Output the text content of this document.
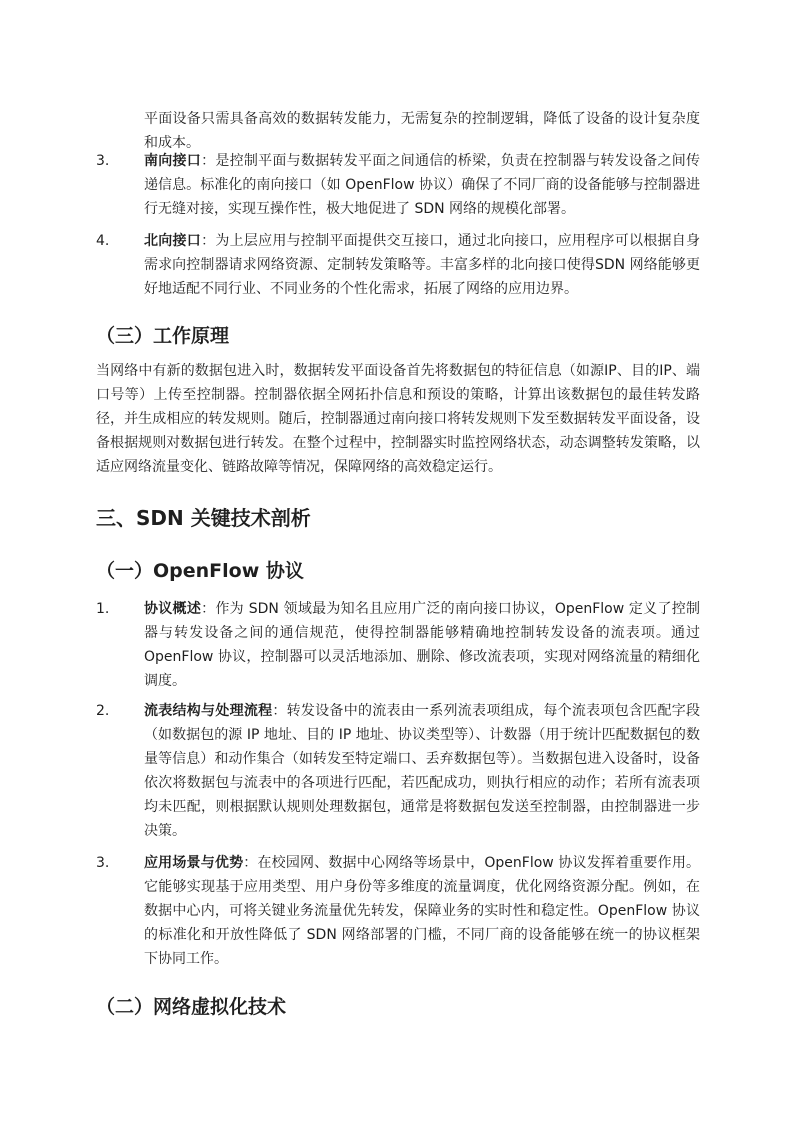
平面设备只需具备高效的数据转发能力，无需复杂的控制逻辑，降低了设备的设计复杂度和成本。

3. 南向接口：是控制平面与数据转发平面之间通信的桥梁，负责在控制器与转发设备之间传递信息。标准化的南向接口（如 OpenFlow 协议）确保了不同厂商的设备能够与控制器进行无缝对接，实现互操作性，极大地促进了 SDN 网络的规模化部署。
4. 北向接口：为上层应用与控制平面提供交互接口，通过北向接口，应用程序可以根据自身需求向控制器请求网络资源、定制转发策略等。丰富多样的北向接口使得SDN 网络能够更好地适配不同行业、不同业务的个性化需求，拓展了网络的应用边界。
（三）工作原理

当网络中有新的数据包进入时，数据转发平面设备首先将数据包的特征信息（如源IP、目的IP、端口号等）上传至控制器。控制器依据全网拓扑信息和预设的策略，计算出该数据包的最佳转发路径，并生成相应的转发规则。随后，控制器通过南向接口将转发规则下发至数据转发平面设备，设备根据规则对数据包进行转发。在整个过程中，控制器实时监控网络状态，动态调整转发策略，以适应网络流量变化、链路故障等情况，保障网络的高效稳定运行。

三、SDN 关键技术剖析
（一）OpenFlow 协议
1. 协议概述：作为 SDN 领域最为知名且应用广泛的南向接口协议，OpenFlow 定义了控制器与转发设备之间的通信规范，使得控制器能够精确地控制转发设备的流表项。通过 OpenFlow 协议，控制器可以灵活地添加、删除、修改流表项，实现对网络流量的精细化调度。
2. 流表结构与处理流程：转发设备中的流表由一系列流表项组成，每个流表项包含匹配字段（如数据包的源 IP 地址、目的 IP 地址、协议类型等）、计数器（用于统计匹配数据包的数量等信息）和动作集合（如转发至特定端口、丢弃数据包等）。当数据包进入设备时，设备依次将数据包与流表中的各项进行匹配，若匹配成功，则执行相应的动作；若所有流表项均未匹配，则根据默认规则处理数据包，通常是将数据包发送至控制器，由控制器进一步决策。
3. 应用场景与优势：在校园网、数据中心网络等场景中，OpenFlow 协议发挥着重要作用。它能够实现基于应用类型、用户身份等多维度的流量调度，优化网络资源分配。例如，在数据中心内，可将关键业务流量优先转发，保障业务的实时性和稳定性。OpenFlow 协议的标准化和开放性降低了 SDN 网络部署的门槛，不同厂商的设备能够在统一的协议框架下协同工作。
（二）网络虚拟化技术
